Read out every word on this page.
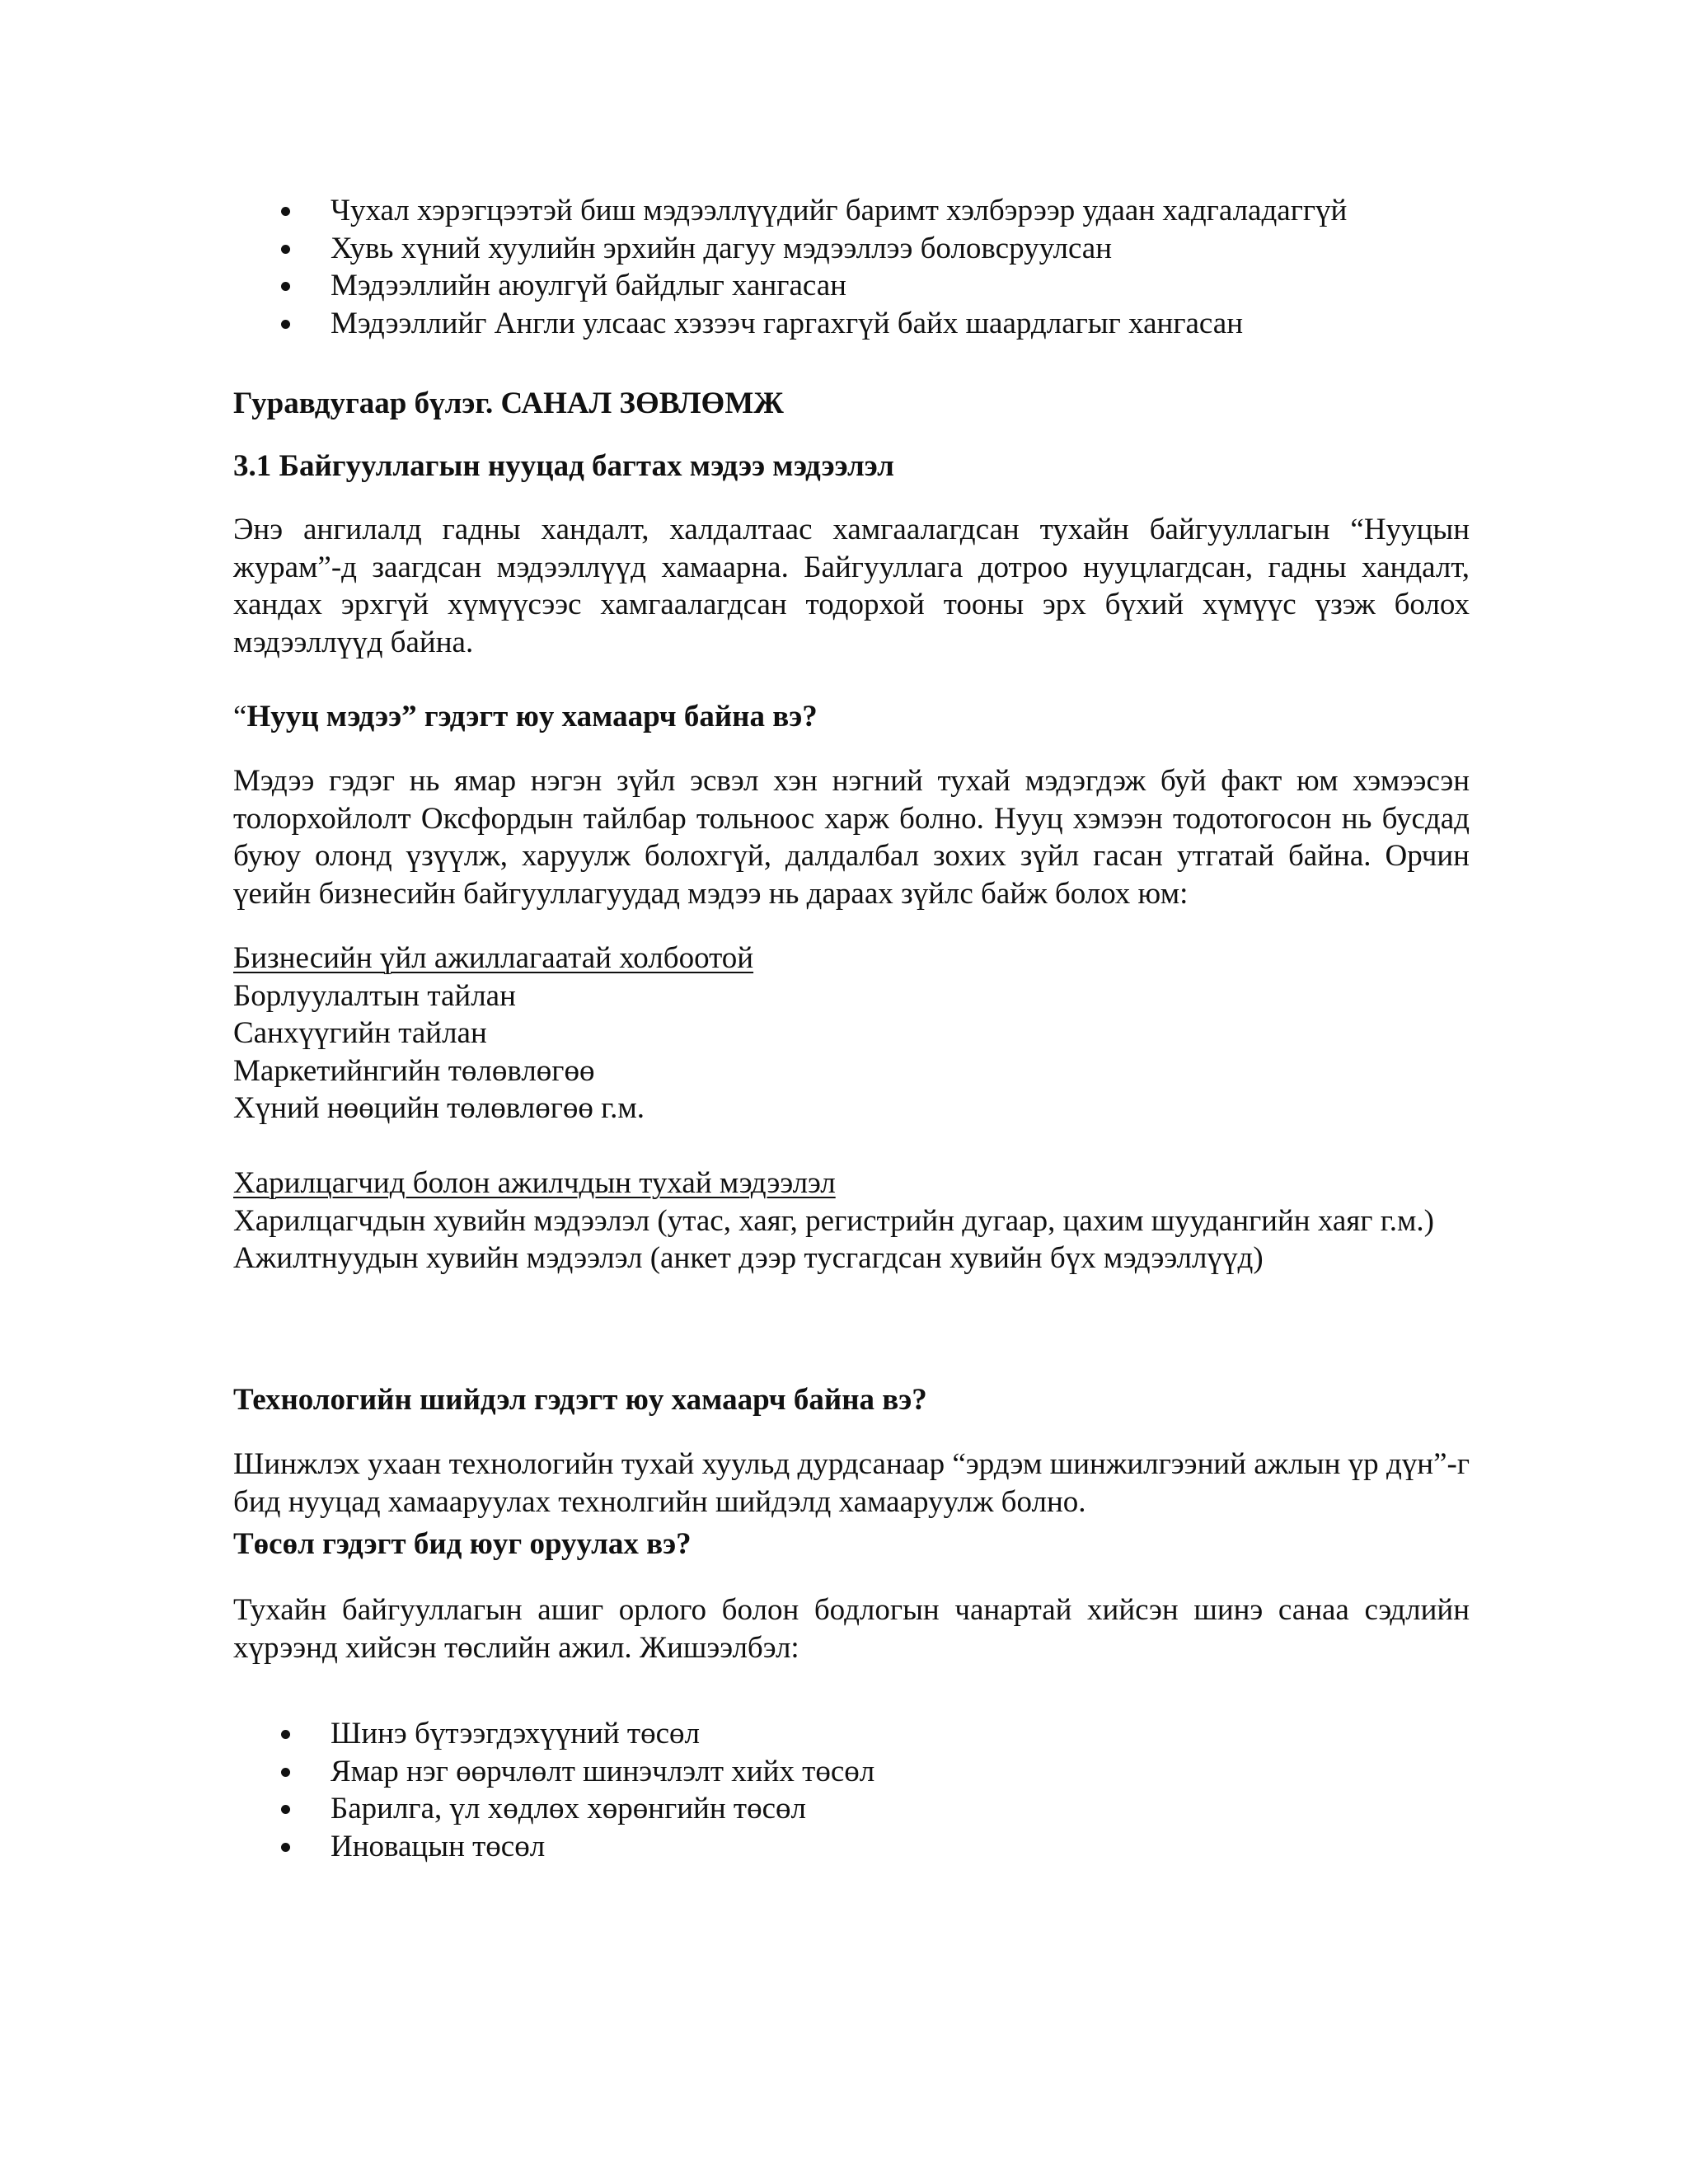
Чухал хэрэгцээтэй биш мэдээллүүдийг баримт хэлбэрээр удаан хадгаладаггүй
Хувь хүний хуулийн эрхийн дагуу мэдээллээ боловсруулсан
Мэдээллийн аюулгүй байдлыг хангасан
Мэдээллийг Англи улсаас хэзээч гаргахгүй байх шаардлагыг хангасан
Гуравдугаар бүлэг. САНАЛ ЗӨВЛӨМЖ
3.1 Байгууллагын нууцад багтах мэдээ мэдээлэл
Энэ ангилалд гадны хандалт, халдалтаас хамгаалагдсан тухайн байгууллагын “Нууцын журам”-д заагдсан мэдээллүүд хамаарна. Байгууллага дотроо нууцлагдсан, гадны хандалт, хандах эрхгүй хүмүүсээс хамгаалагдсан тодорхой тооны эрх бүхий хүмүүс үзэж болох мэдээллүүд байна.
“Нууц мэдээ” гэдэгт юу хамаарч байна вэ?
Мэдээ гэдэг нь ямар нэгэн зүйл эсвэл хэн нэгний тухай мэдэгдэж буй факт юм хэмээсэн толорхойлолт Оксфордын тайлбар тольноос харж болно. Нууц хэмээн тодотогосон нь бусдад буюу олонд үзүүлж, харуулж болохгүй, далдалбал зохих зүйл гасан утгатай байна. Орчин үеийн бизнесийн байгууллагуудад мэдээ нь дараах зүйлс байж болох юм:
Бизнесийн үйл ажиллагаатай холбоотой
Борлуулалтын тайлан
Санхүүгийн тайлан
Маркетийнгийн төлөвлөгөө
Хүний нөөцийн төлөвлөгөө г.м.
Харилцагчид болон ажилчдын тухай мэдээлэл
Харилцагчдын хувийн мэдээлэл (утас, хаяг, регистрийн дугаар, цахим шуудангийн хаяг г.м.)
Ажилтнуудын хувийн мэдээлэл (анкет дээр тусгагдсан хувийн бүх мэдээллүүд)
Технологийн шийдэл гэдэгт юу хамаарч байна вэ?
Шинжлэх ухаан технологийн тухай хуульд дурдсанаар “эрдэм шинжилгээний ажлын үр дүн”-г бид нууцад хамааруулах технолгийн шийдэлд хамааруулж болно.
Төсөл гэдэгт бид юуг оруулах вэ?
Тухайн байгууллагын ашиг орлого болон бодлогын чанартай хийсэн шинэ санаа сэдлийн хүрээнд хийсэн төслийн ажил. Жишээлбэл:
Шинэ бүтээгдэхүүний төсөл
Ямар нэг өөрчлөлт шинэчлэлт хийх төсөл
Барилга, үл хөдлөх хөрөнгийн төсөл
Иновацын төсөл
